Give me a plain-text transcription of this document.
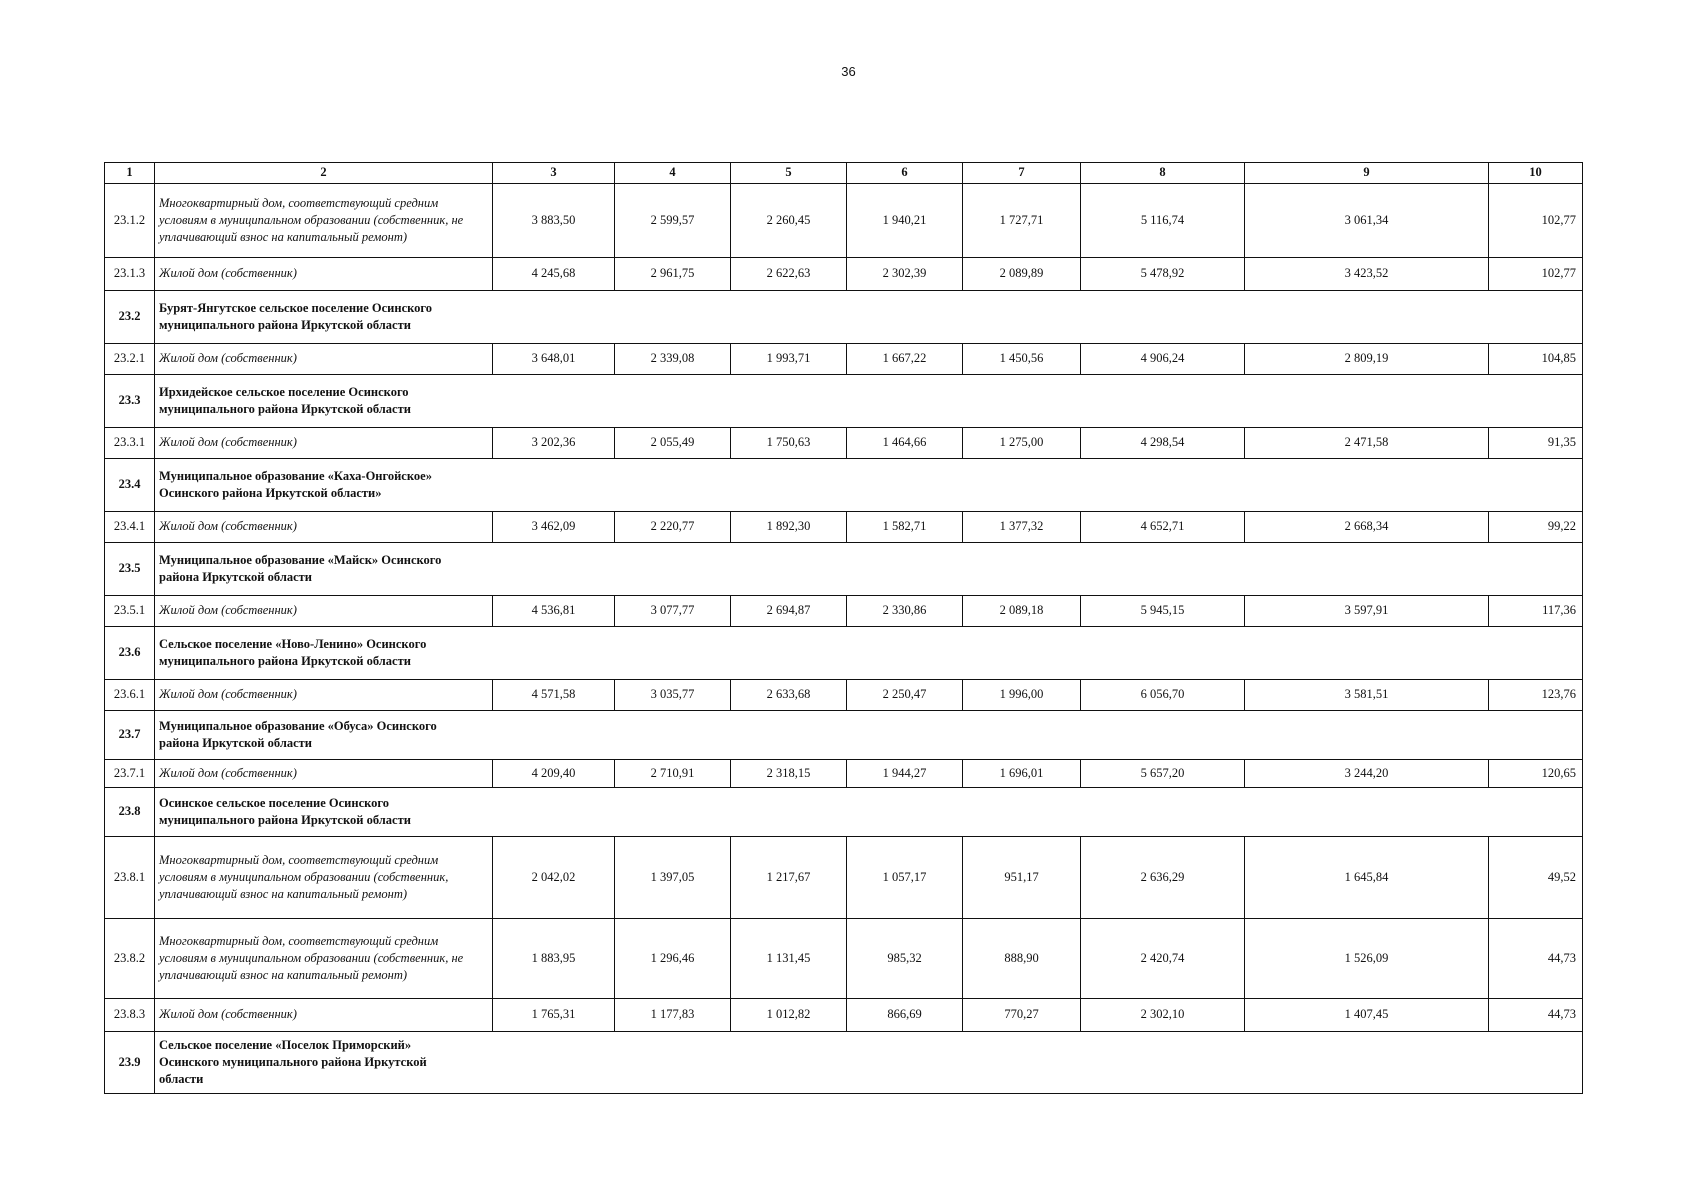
36
1	2	3	4	5	6	7	8	9	10
23.1.2	Многоквартирный дом, соответствующий средним условиям в муниципальном образовании (собственник, не уплачивающий взнос на капитальный ремонт)	3 883,50	2 599,57	2 260,45	1 940,21	1 727,71	5 116,74	3 061,34	102,77
23.1.3	Жилой дом (собственник)	4 245,68	2 961,75	2 622,63	2 302,39	2 089,89	5 478,92	3 423,52	102,77
23.2	Бурят-Янгутское сельское поселение Осинского муниципального района Иркутской области								

23.2.1	Жилой дом (собственник)	3 648,01	2 339,08	1 993,71	1 667,22	1 450,56	4 906,24	2 809,19	104,85
23.3	Ирхидейское сельское поселение Осинского муниципального района Иркутской области								

23.3.1	Жилой дом (собственник)	3 202,36	2 055,49	1 750,63	1 464,66	1 275,00	4 298,54	2 471,58	91,35
23.4	Муниципальное образование «Каха-Онгойское» Осинского района Иркутской области»								

23.4.1	Жилой дом (собственник)	3 462,09	2 220,77	1 892,30	1 582,71	1 377,32	4 652,71	2 668,34	99,22
23.5	Муниципальное образование «Майск» Осинского района Иркутской области								

23.5.1	Жилой дом (собственник)	4 536,81	3 077,77	2 694,87	2 330,86	2 089,18	5 945,15	3 597,91	117,36
23.6	Сельское поселение «Ново-Ленино» Осинского муниципального района Иркутской области								

23.6.1	Жилой дом (собственник)	4 571,58	3 035,77	2 633,68	2 250,47	1 996,00	6 056,70	3 581,51	123,76
23.7	Муниципальное образование «Обуса» Осинского района Иркутской области								

23.7.1	Жилой дом (собственник)	4 209,40	2 710,91	2 318,15	1 944,27	1 696,01	5 657,20	3 244,20	120,65
23.8	Осинское сельское поселение Осинского муниципального района Иркутской области								

23.8.1	Многоквартирный дом, соответствующий средним условиям в муниципальном образовании (собственник, уплачивающий взнос на капитальный ремонт)	2 042,02	1 397,05	1 217,67	1 057,17	951,17	2 636,29	1 645,84	49,52
23.8.2	Многоквартирный дом, соответствующий средним условиям в муниципальном образовании (собственник, не уплачивающий взнос на капитальный ремонт)	1 883,95	1 296,46	1 131,45	985,32	888,90	2 420,74	1 526,09	44,73
23.8.3	Жилой дом (собственник)	1 765,31	1 177,83	1 012,82	866,69	770,27	2 302,10	1 407,45	44,73
23.9	Сельское поселение «Поселок Приморский» Осинского муниципального района Иркутской области								
